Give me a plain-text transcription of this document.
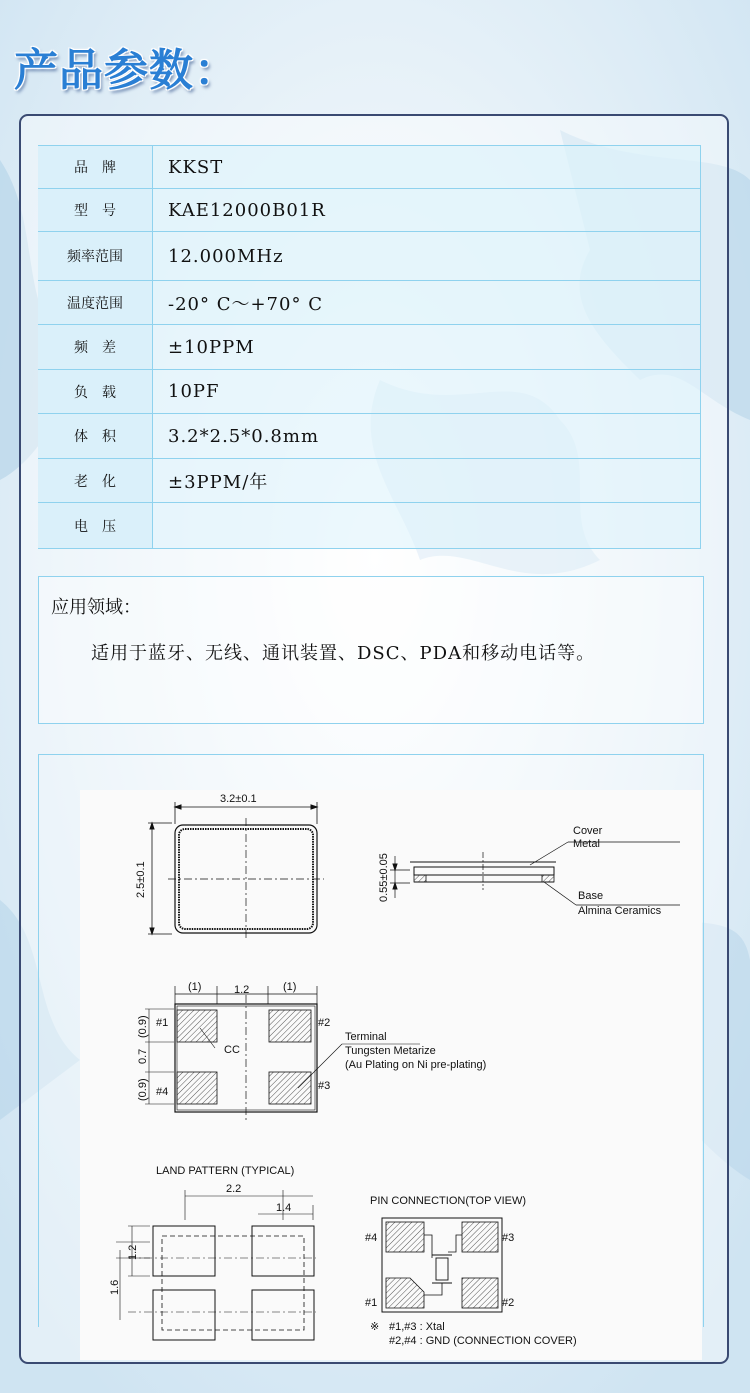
产品参数：
品　牌	KKST
型　号	KAE12000B01R
频率范围	12.000MHz
温度范围	-20° C～+70° C
频　差	±10PPM
负　载	10PF
体　积	3.2*2.5*0.8mm
老　化	±3PPM/年
电　压	
应用领域：
适用于蓝牙、无线、通讯装置、DSC、PDA和移动电话等。
3.2±0.1
2.5±0.1	0.55±0.05
Cover
Metal
Base
Almina Ceramics
(1)	1.2	(1)
(0.9)
0.7
(0.9)
#1	#2
#3
#4
CC
Terminal
Tungsten Metarize
(Au Plating on Ni pre-plating)
LAND PATTERN (TYPICAL)
2.2
1.4
1.2
1.6
PIN CONNECTION(TOP VIEW)
#4	#3
#1	#2
※ #1,#3 : Xtal
#2,#4 : GND (CONNECTION COVER)
